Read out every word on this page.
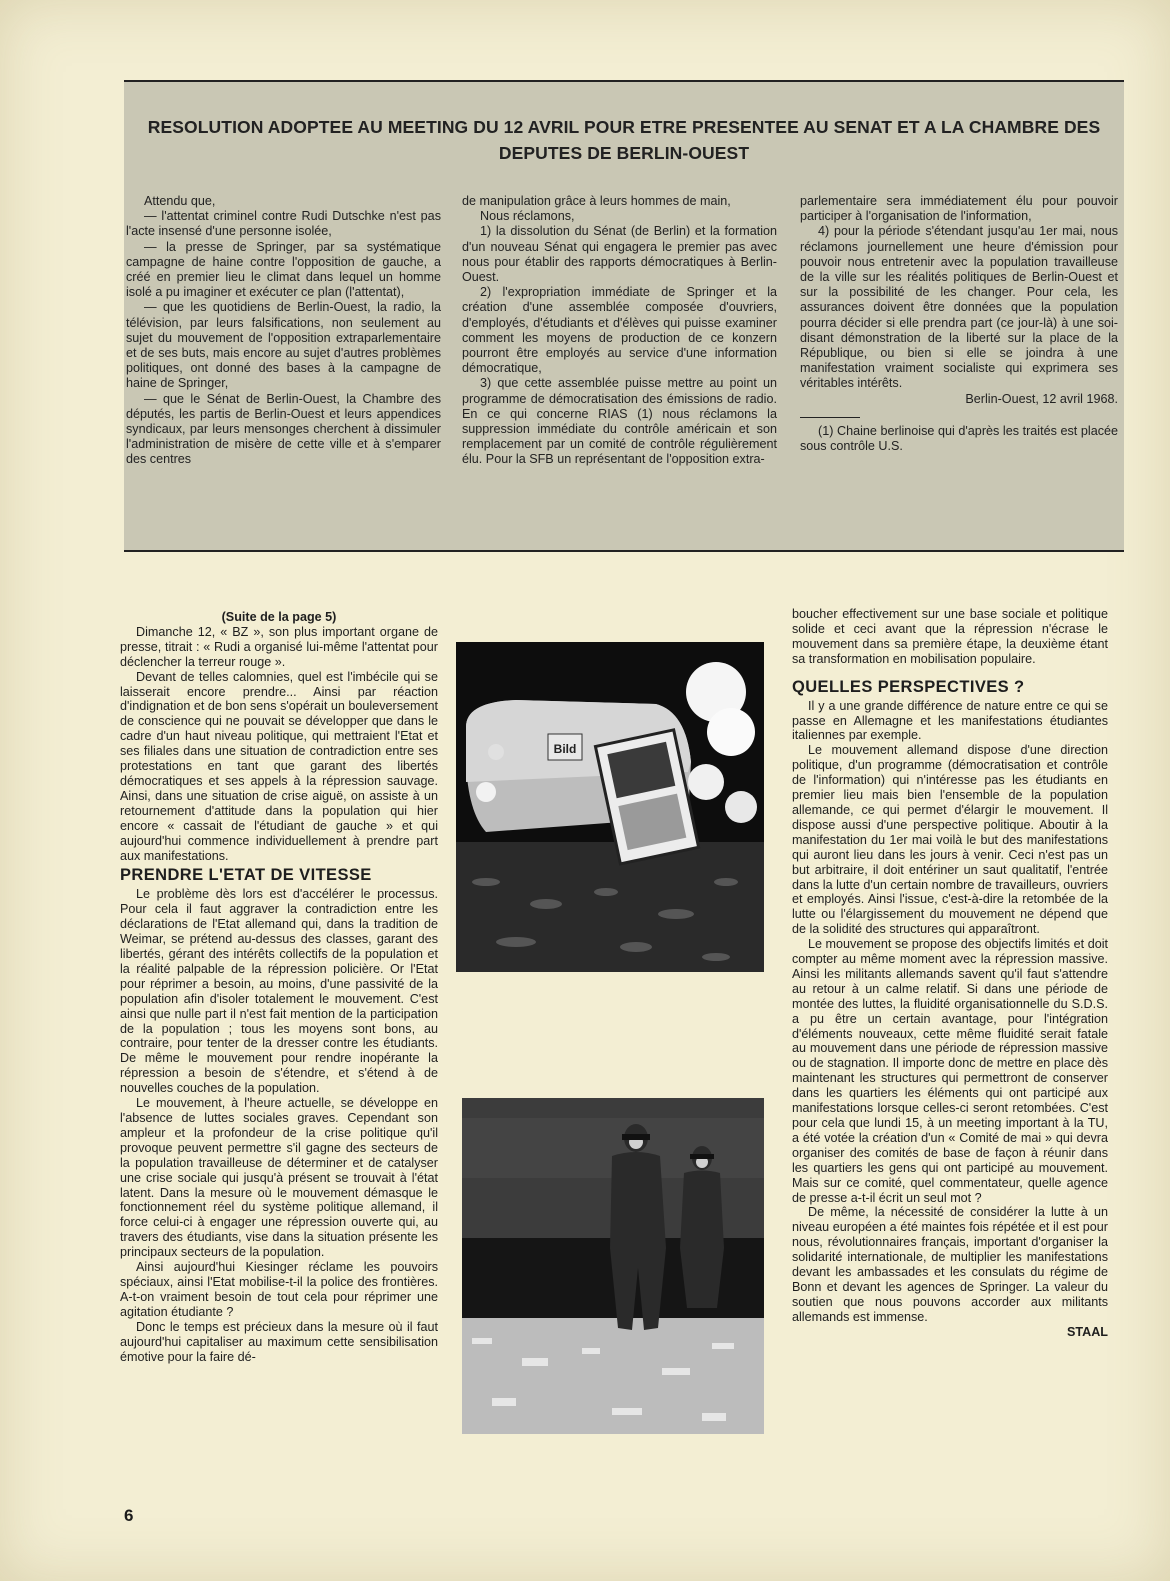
RESOLUTION ADOPTEE AU MEETING DU 12 AVRIL POUR ETRE PRESENTEE AU SENAT ET A LA CHAMBRE DES
DEPUTES DE BERLIN-OUEST

Attendu que,

— l'attentat criminel contre Rudi Dutschke n'est pas l'acte insensé d'une personne isolée,

— la presse de Springer, par sa systématique campagne de haine contre l'opposition de gauche, a créé en premier lieu le climat dans lequel un homme isolé a pu imaginer et exécuter ce plan (l'attentat),

— que les quotidiens de Berlin-Ouest, la radio, la télévision, par leurs falsifications, non seulement au sujet du mouvement de l'opposition extraparlementaire et de ses buts, mais encore au sujet d'autres problèmes politiques, ont donné des bases à la campagne de haine de Springer,

— que le Sénat de Berlin-Ouest, la Chambre des députés, les partis de Berlin-Ouest et leurs appendices syndicaux, par leurs mensonges cherchent à dissimuler l'administration de misère de cette ville et à s'emparer des centres

de manipulation grâce à leurs hommes de main,

Nous réclamons,

1) la dissolution du Sénat (de Berlin) et la formation d'un nouveau Sénat qui engagera le premier pas avec nous pour établir des rapports démocratiques à Berlin-Ouest.

2) l'expropriation immédiate de Springer et la création d'une assemblée composée d'ouvriers, d'employés, d'étudiants et d'élèves qui puisse examiner comment les moyens de production de ce konzern pourront être employés au service d'une information démocratique,

3) que cette assemblée puisse mettre au point un programme de démocratisation des émissions de radio. En ce qui concerne RIAS (1) nous réclamons la suppression immédiate du contrôle américain et son remplacement par un comité de contrôle régulièrement élu. Pour la SFB un représentant de l'opposition extra-

parlementaire sera immédiatement élu pour pouvoir participer à l'organisation de l'information,

4) pour la période s'étendant jusqu'au 1er mai, nous réclamons journellement une heure d'émission pour pouvoir nous entretenir avec la population travailleuse de la ville sur les réalités politiques de Berlin-Ouest et sur la possibilité de les changer. Pour cela, les assurances doivent être données que la population pourra décider si elle prendra part (ce jour-là) à une soi-disant démonstration de la liberté sur la place de la République, ou bien si elle se joindra à une manifestation vraiment socialiste qui exprimera ses véritables intérêts.

Berlin-Ouest, 12 avril 1968.

(1) Chaine berlinoise qui d'après les traités est placée sous contrôle U.S.

(Suite de la page 5)

Dimanche 12, « BZ », son plus important organe de presse, titrait : « Rudi a organisé lui-même l'attentat pour déclencher la terreur rouge ».

Devant de telles calomnies, quel est l'imbécile qui se laisserait encore prendre... Ainsi par réaction d'indignation et de bon sens s'opérait un bouleversement de conscience qui ne pouvait se développer que dans le cadre d'un haut niveau politique, qui mettraient l'Etat et ses filiales dans une situation de contradiction entre ses protestations en tant que garant des libertés démocratiques et ses appels à la répression sauvage. Ainsi, dans une situation de crise aiguë, on assiste à un retournement d'attitude dans la population qui hier encore « cassait de l'étudiant de gauche » et qui aujourd'hui commence individuellement à prendre part aux manifestations.

PRENDRE L'ETAT DE VITESSE

Le problème dès lors est d'accélérer le processus. Pour cela il faut aggraver la contradiction entre les déclarations de l'Etat allemand qui, dans la tradition de Weimar, se prétend au-dessus des classes, garant des libertés, gérant des intérêts collectifs de la population et la réalité palpable de la répression policière. Or l'Etat pour réprimer a besoin, au moins, d'une passivité de la population afin d'isoler totalement le mouvement. C'est ainsi que nulle part il n'est fait mention de la participation de la population ; tous les moyens sont bons, au contraire, pour tenter de la dresser contre les étudiants. De même le mouvement pour rendre inopérante la répression a besoin de s'étendre, et s'étend à de nouvelles couches de la population.

Le mouvement, à l'heure actuelle, se développe en l'absence de luttes sociales graves. Cependant son ampleur et la profondeur de la crise politique qu'il provoque peuvent permettre s'il gagne des secteurs de la population travailleuse de déterminer et de catalyser une crise sociale qui jusqu'à présent se trouvait à l'état latent. Dans la mesure où le mouvement démasque le fonctionnement réel du système politique allemand, il force celui-ci à engager une répression ouverte qui, au travers des étudiants, vise dans la situation présente les principaux secteurs de la population.

Ainsi aujourd'hui Kiesinger réclame les pouvoirs spéciaux, ainsi l'Etat mobilise-t-il la police des frontières. A-t-on vraiment besoin de tout cela pour réprimer une agitation étudiante ?

Donc le temps est précieux dans la mesure où il faut aujourd'hui capitaliser au maximum cette sensibilisation émotive pour la faire dé-

Bild

boucher effectivement sur une base sociale et politique solide et ceci avant que la répression n'écrase le mouvement dans sa première étape, la deuxième étant sa transformation en mobilisation populaire.

QUELLES PERSPECTIVES ?

Il y a une grande différence de nature entre ce qui se passe en Allemagne et les manifestations étudiantes italiennes par exemple.

Le mouvement allemand dispose d'une direction politique, d'un programme (démocratisation et contrôle de l'information) qui n'intéresse pas les étudiants en premier lieu mais bien l'ensemble de la population allemande, ce qui permet d'élargir le mouvement. Il dispose aussi d'une perspective politique. Aboutir à la manifestation du 1er mai voilà le but des manifestations qui auront lieu dans les jours à venir. Ceci n'est pas un but arbitraire, il doit entériner un saut qualitatif, l'entrée dans la lutte d'un certain nombre de travailleurs, ouvriers et employés. Ainsi l'issue, c'est-à-dire la retombée de la lutte ou l'élargissement du mouvement ne dépend que de la solidité des structures qui apparaîtront.

Le mouvement se propose des objectifs limités et doit compter au même moment avec la répression massive. Ainsi les militants allemands savent qu'il faut s'attendre au retour à un calme relatif. Si dans une période de montée des luttes, la fluidité organisationnelle du S.D.S. a pu être un certain avantage, pour l'intégration d'éléments nouveaux, cette même fluidité serait fatale au mouvement dans une période de répression massive ou de stagnation. Il importe donc de mettre en place dès maintenant les structures qui permettront de conserver dans les quartiers les éléments qui ont participé aux manifestations lorsque celles-ci seront retombées. C'est pour cela que lundi 15, à un meeting important à la TU, a été votée la création d'un « Comité de mai » qui devra organiser des comités de base de façon à réunir dans les quartiers les gens qui ont participé au mouvement. Mais sur ce comité, quel commentateur, quelle agence de presse a-t-il écrit un seul mot ?

De même, la nécessité de considérer la lutte à un niveau européen a été maintes fois répétée et il est pour nous, révolutionnaires français, important d'organiser la solidarité internationale, de multiplier les manifestations devant les ambassades et les consulats du régime de Bonn et devant les agences de Springer. La valeur du soutien que nous pouvons accorder aux militants allemands est immense.

STAAL

6
